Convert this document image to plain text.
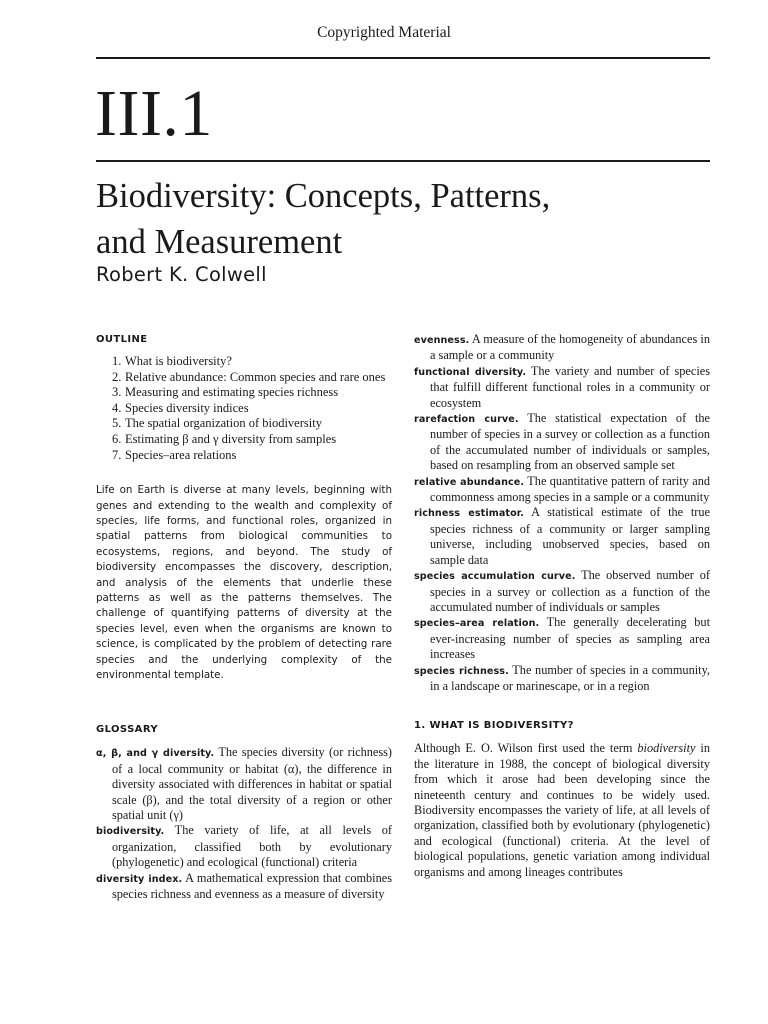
Copyrighted Material
III.1
Biodiversity: Concepts, Patterns,
and Measurement
Robert K. Colwell
OUTLINE
1. What is biodiversity?
2. Relative abundance: Common species and rare ones
3. Measuring and estimating species richness
4. Species diversity indices
5. The spatial organization of biodiversity
6. Estimating β and γ diversity from samples
7. Species–area relations
Life on Earth is diverse at many levels, beginning with genes and extending to the wealth and complexity of species, life forms, and functional roles, organized in spatial patterns from biological communities to ecosystems, regions, and beyond. The study of biodiversity encompasses the discovery, description, and analysis of the elements that underlie these patterns as well as the patterns themselves. The challenge of quantifying patterns of diversity at the species level, even when the organisms are known to science, is complicated by the problem of detecting rare species and the underlying complexity of the environmental template.
GLOSSARY
α, β, and γ diversity. The species diversity (or richness) of a local community or habitat (α), the difference in diversity associated with differences in habitat or spatial scale (β), and the total diversity of a region or other spatial unit (γ)
biodiversity. The variety of life, at all levels of organization, classified both by evolutionary (phylogenetic) and ecological (functional) criteria
diversity index. A mathematical expression that combines species richness and evenness as a measure of diversity
evenness. A measure of the homogeneity of abundances in a sample or a community
functional diversity. The variety and number of species that fulfill different functional roles in a community or ecosystem
rarefaction curve. The statistical expectation of the number of species in a survey or collection as a function of the accumulated number of individuals or samples, based on resampling from an observed sample set
relative abundance. The quantitative pattern of rarity and commonness among species in a sample or a community
richness estimator. A statistical estimate of the true species richness of a community or larger sampling universe, including unobserved species, based on sample data
species accumulation curve. The observed number of species in a survey or collection as a function of the accumulated number of individuals or samples
species–area relation. The generally decelerating but ever-increasing number of species as sampling area increases
species richness. The number of species in a community, in a landscape or marinescape, or in a region
1. WHAT IS BIODIVERSITY?

Although E. O. Wilson first used the term biodiversity in the literature in 1988, the concept of biological diversity from which it arose had been developing since the nineteenth century and continues to be widely used. Biodiversity encompasses the variety of life, at all levels of organization, classified both by evolutionary (phylogenetic) and ecological (functional) criteria. At the level of biological populations, genetic variation among individual organisms and among lineages contributes
